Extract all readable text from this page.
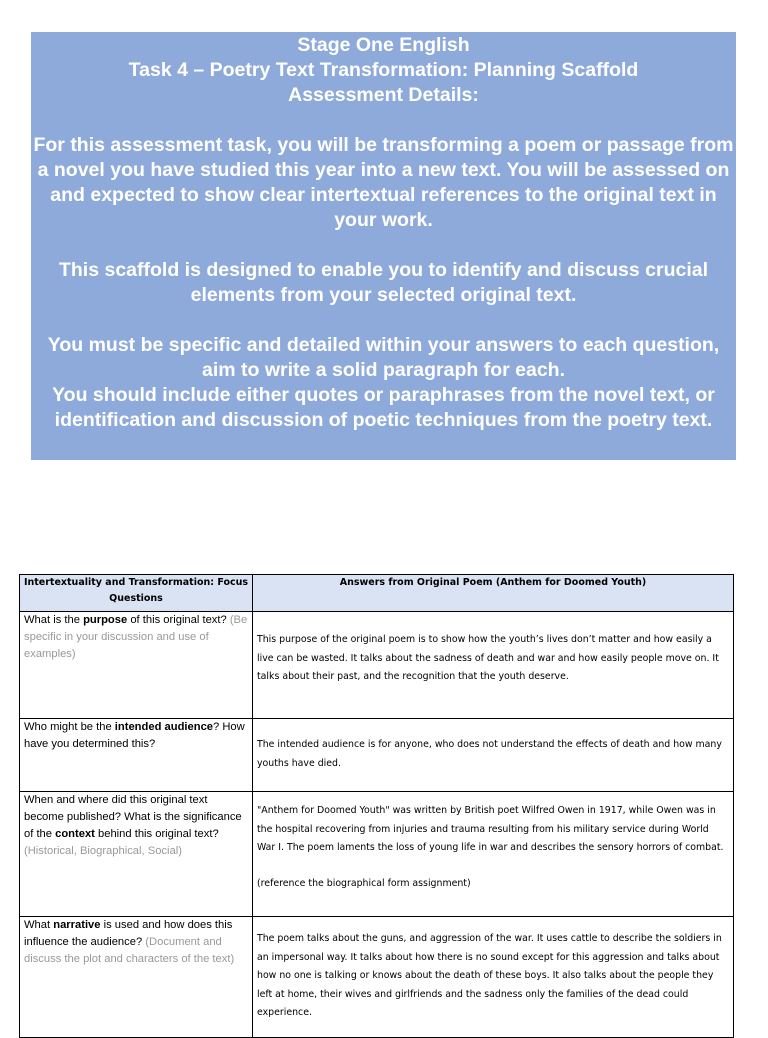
Stage One English

Task 4 – Poetry Text Transformation: Planning Scaffold

Assessment Details:

For this assessment task, you will be transforming a poem or passage from a novel you have studied this year into a new text. You will be assessed on and expected to show clear intertextual references to the original text in your work.

This scaffold is designed to enable you to identify and discuss crucial elements from your selected original text.

You must be specific and detailed within your answers to each question, aim to write a solid paragraph for each.

You should include either quotes or paraphrases from the novel text, or identification and discussion of poetic techniques from the poetry text.

Intertextuality and Transformation: Focus Questions	Answers from Original Poem (Anthem for Doomed Youth)
What is the purpose of this original text? (Be specific in your discussion and use of examples)	This purpose of the original poem is to show how the youth’s lives don’t matter and how easily a live can be wasted. It talks about the sadness of death and war and how easily people move on. It talks about their past, and the recognition that the youth deserve.

Who might be the intended audience? How have you determined this?	The intended audience is for anyone, who does not understand the effects of death and how many youths have died.

When and where did this original text become published? What is the significance of the context behind this original text? (Historical, Biographical, Social)	"Anthem for Doomed Youth" was written by British poet Wilfred Owen in 1917, while Owen was in the hospital recovering from injuries and trauma resulting from his military service during World War I. The poem laments the loss of young life in war and describes the sensory horrors of combat.

(reference the biographical form assignment)

What narrative is used and how does this influence the audience? (Document and discuss the plot and characters of the text)	The poem talks about the guns, and aggression of the war. It uses cattle to describe the soldiers in an impersonal way. It talks about how there is no sound except for this aggression and talks about how no one is talking or knows about the death of these boys. It also talks about the people they left at home, their wives and girlfriends and the sadness only the families of the dead could experience.
